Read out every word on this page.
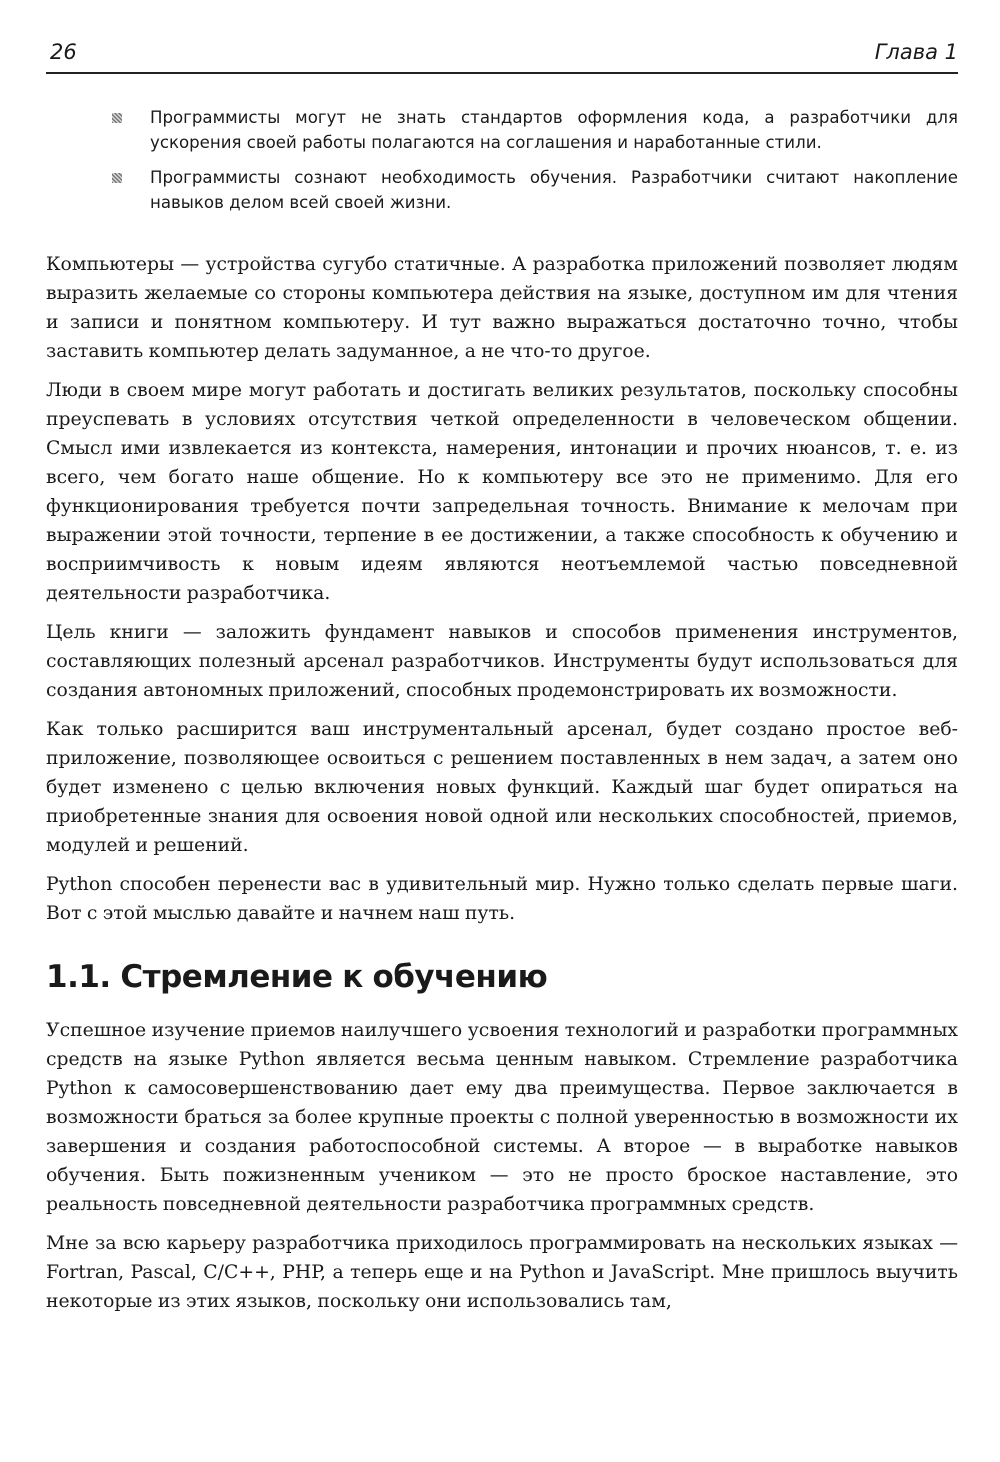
26	Глава 1
Программисты могут не знать стандартов оформления кода, а разработчики для ускорения своей работы полагаются на соглашения и наработанные стили.
Программисты сознают необходимость обучения. Разработчики считают накопление навыков делом всей своей жизни.

Компьютеры — устройства сугубо статичные. А разработка приложений позволяет людям выразить желаемые со стороны компьютера действия на языке, доступном им для чтения и записи и понятном компьютеру. И тут важно выражаться достаточно точно, чтобы заставить компьютер делать задуманное, а не что-то другое.

Люди в своем мире могут работать и достигать великих результатов, поскольку способны преуспевать в условиях отсутствия четкой определенности в человеческом общении. Смысл ими извлекается из контекста, намерения, интонации и прочих нюансов, т. е. из всего, чем богато наше общение. Но к компьютеру все это не применимо. Для его функционирования требуется почти запредельная точность. Внимание к мелочам при выражении этой точности, терпение в ее достижении, а также способность к обучению и восприимчивость к новым идеям являются неотъемлемой частью повседневной деятельности разработчика.

Цель книги — заложить фундамент навыков и способов применения инструментов, составляющих полезный арсенал разработчиков. Инструменты будут использоваться для создания автономных приложений, способных продемонстрировать их возможности.

Как только расширится ваш инструментальный арсенал, будет создано простое веб-приложение, позволяющее освоиться с решением поставленных в нем задач, а затем оно будет изменено с целью включения новых функций. Каждый шаг будет опираться на приобретенные знания для освоения новой одной или нескольких способностей, приемов, модулей и решений.

Python способен перенести вас в удивительный мир. Нужно только сделать первые шаги. Вот с этой мыслью давайте и начнем наш путь.

1.1. Стремление к обучению

Успешное изучение приемов наилучшего усвоения технологий и разработки программных средств на языке Python является весьма ценным навыком. Стремление разработчика Python к самосовершенствованию дает ему два преимущества. Первое заключается в возможности браться за более крупные проекты с полной уверенностью в возможности их завершения и создания работоспособной системы. А второе — в выработке навыков обучения. Быть пожизненным учеником — это не просто броское наставление, это реальность повседневной деятельности разработчика программных средств.

Мне за всю карьеру разработчика приходилось программировать на нескольких языках — Fortran, Pascal, C/C++, PHP, а теперь еще и на Python и JavaScript. Мне пришлось выучить некоторые из этих языков, поскольку они использовались там,
